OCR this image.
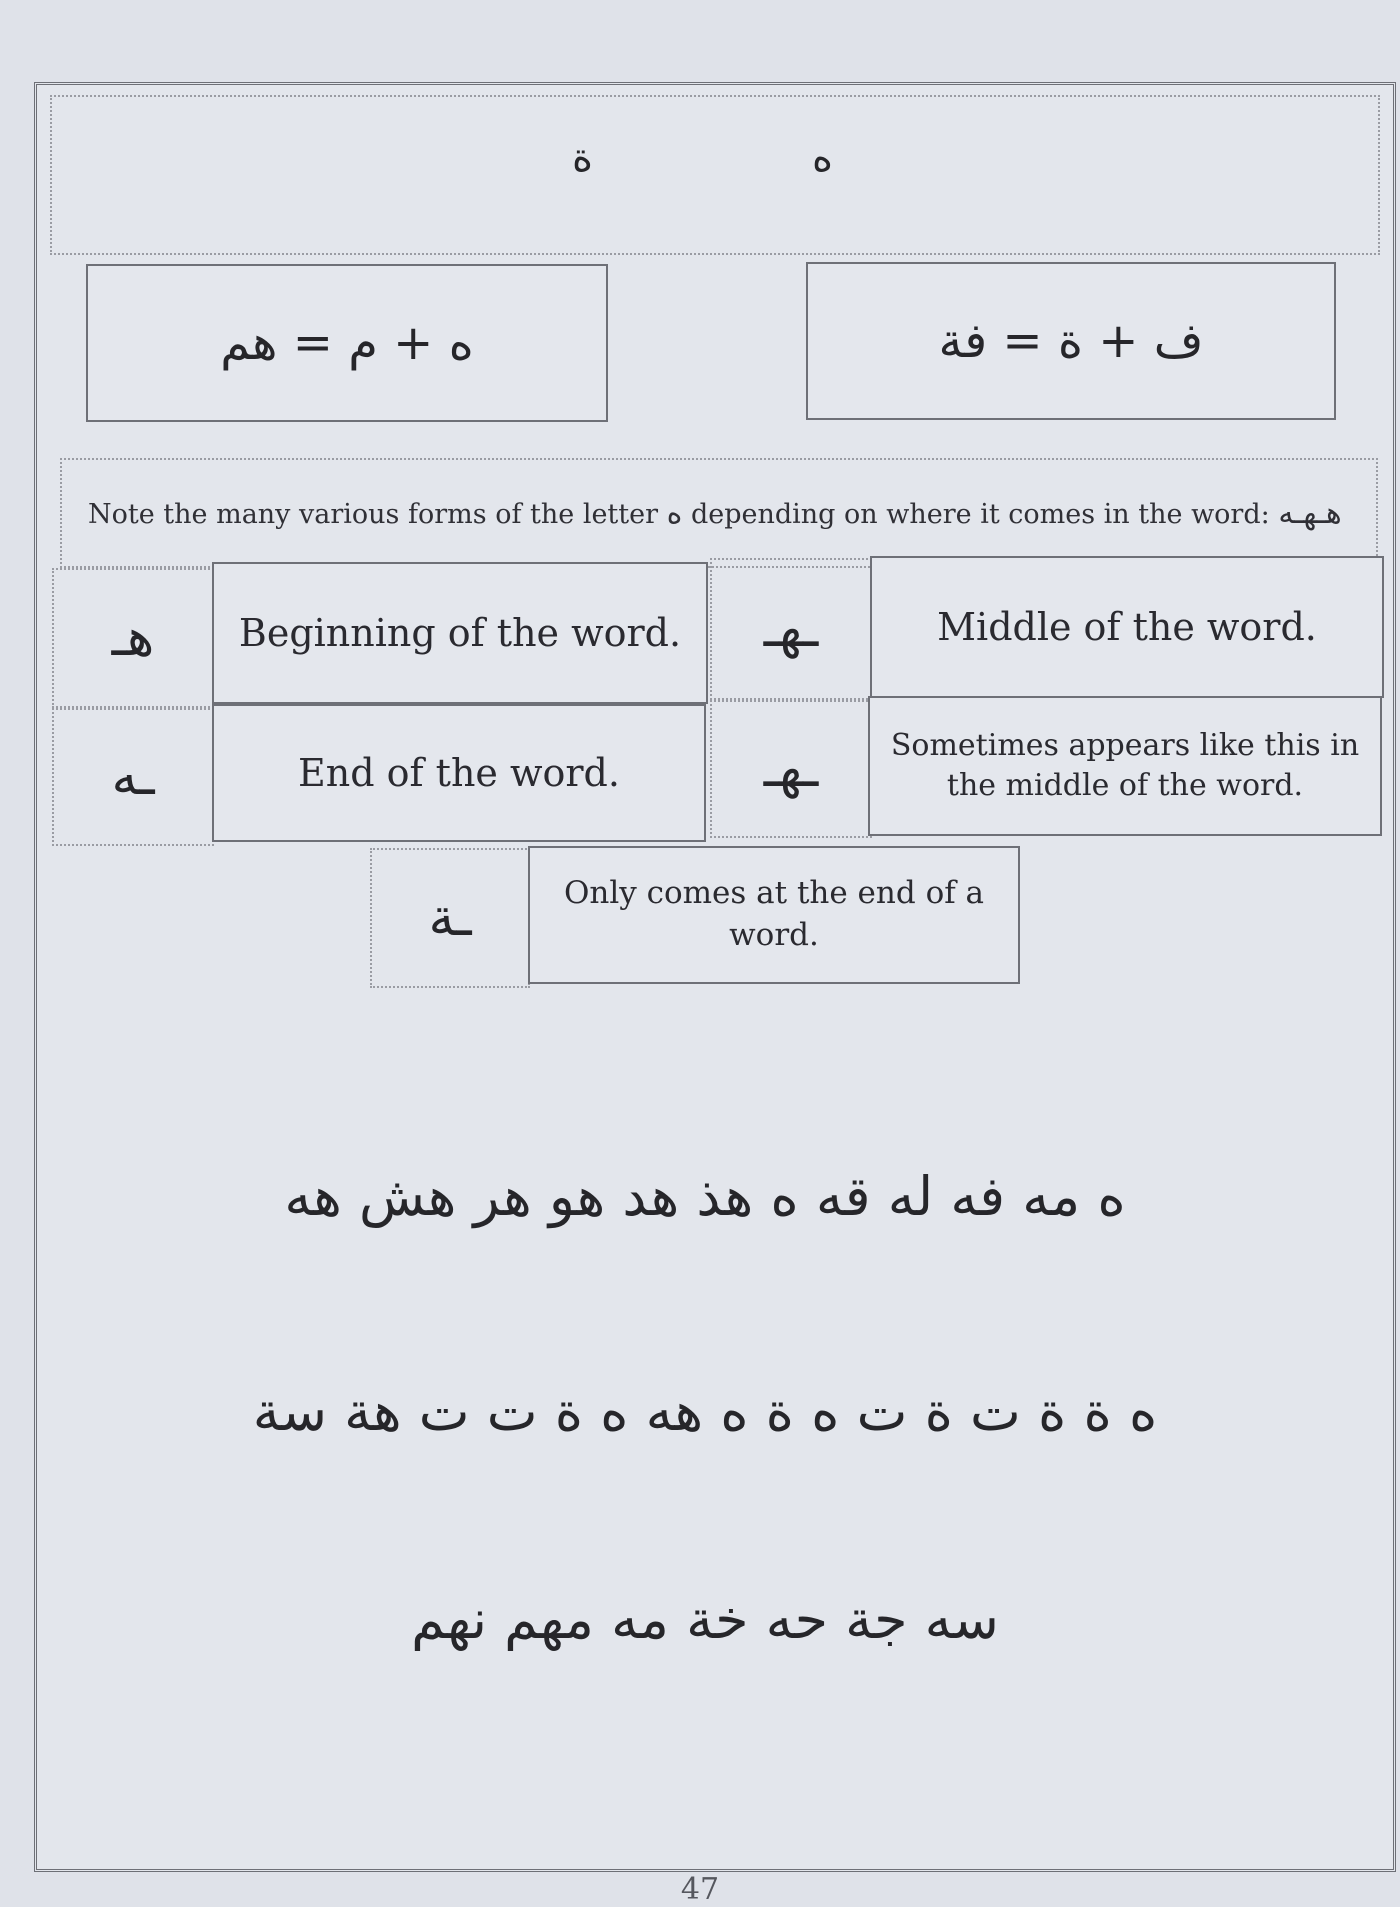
ة	ه
ه + م = هم	ف + ة = فة
Note the many various forms of the letter ه depending on where it comes in the word: هـهـه
هـ	Beginning of the word.	ـهـ	Middle of the word.
ـه	End of the word.	ـهـ	Sometimes appears like this in the middle of the word.
ـة	Only comes at the end of a word.
ه مه فه له قه ه هذ هد هو هر هش هه
ه ة ة ت ة ت ه ة ه هه ه ة ت ت هة سة
سه جة حه خة مه مهم نهم
47
